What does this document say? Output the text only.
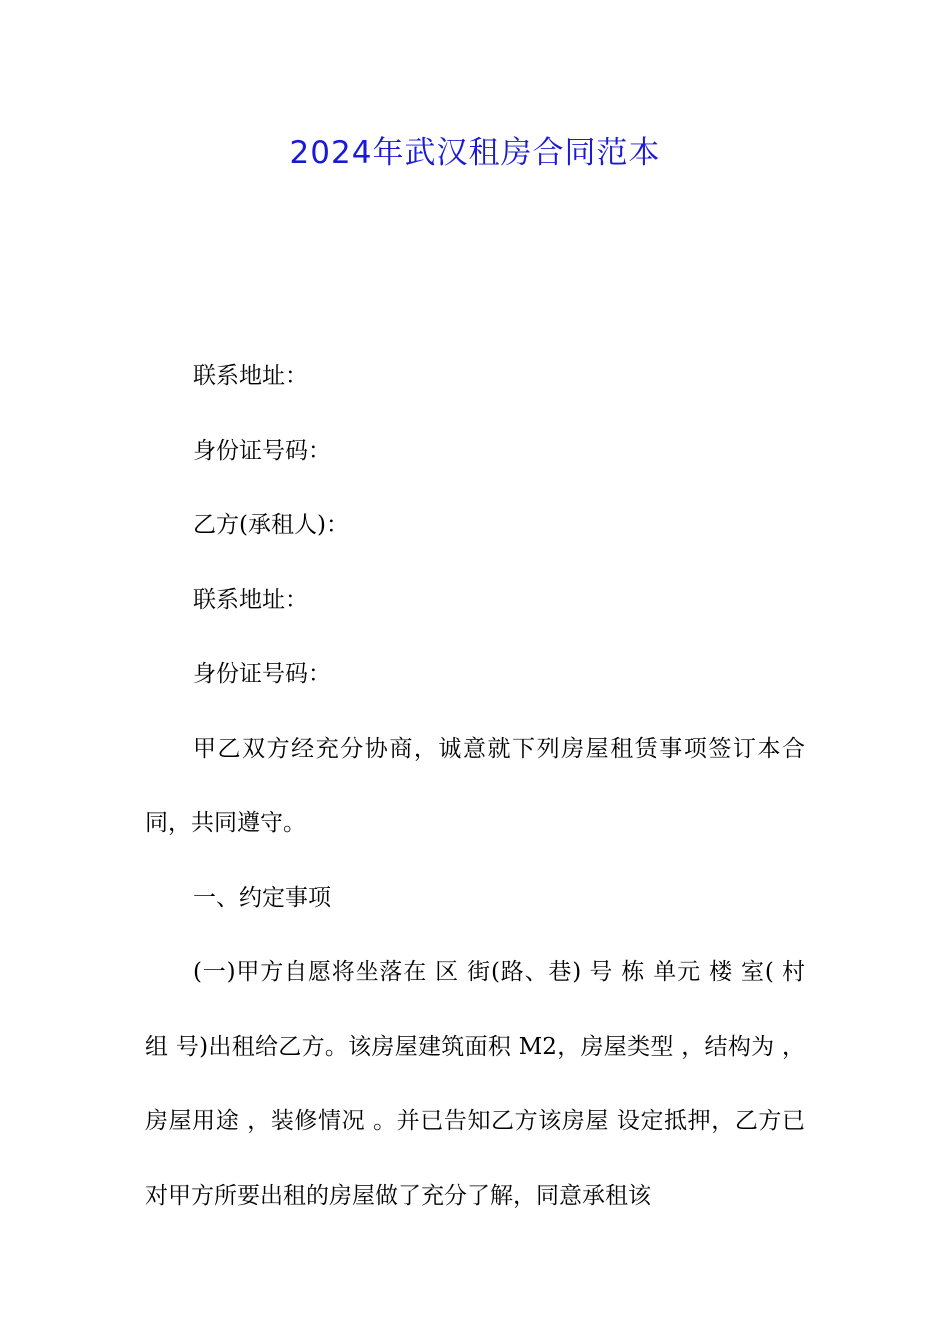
2024年武汉租房合同范本

联系地址：

身份证号码：

乙方(承租人)：

联系地址：

身份证号码：

甲乙双方经充分协商，诚意就下列房屋租赁事项签订本合同，共同遵守。

一、约定事项

(一)甲方自愿将坐落在 区 街(路、巷) 号 栋 单元 楼 室( 村 组 号)出租给乙方。该房屋建筑面积 M2，房屋类型 ，结构为 ，房屋用途 ，装修情况 。并已告知乙方该房屋 设定抵押，乙方已对甲方所要出租的房屋做了充分了解，同意承租该
